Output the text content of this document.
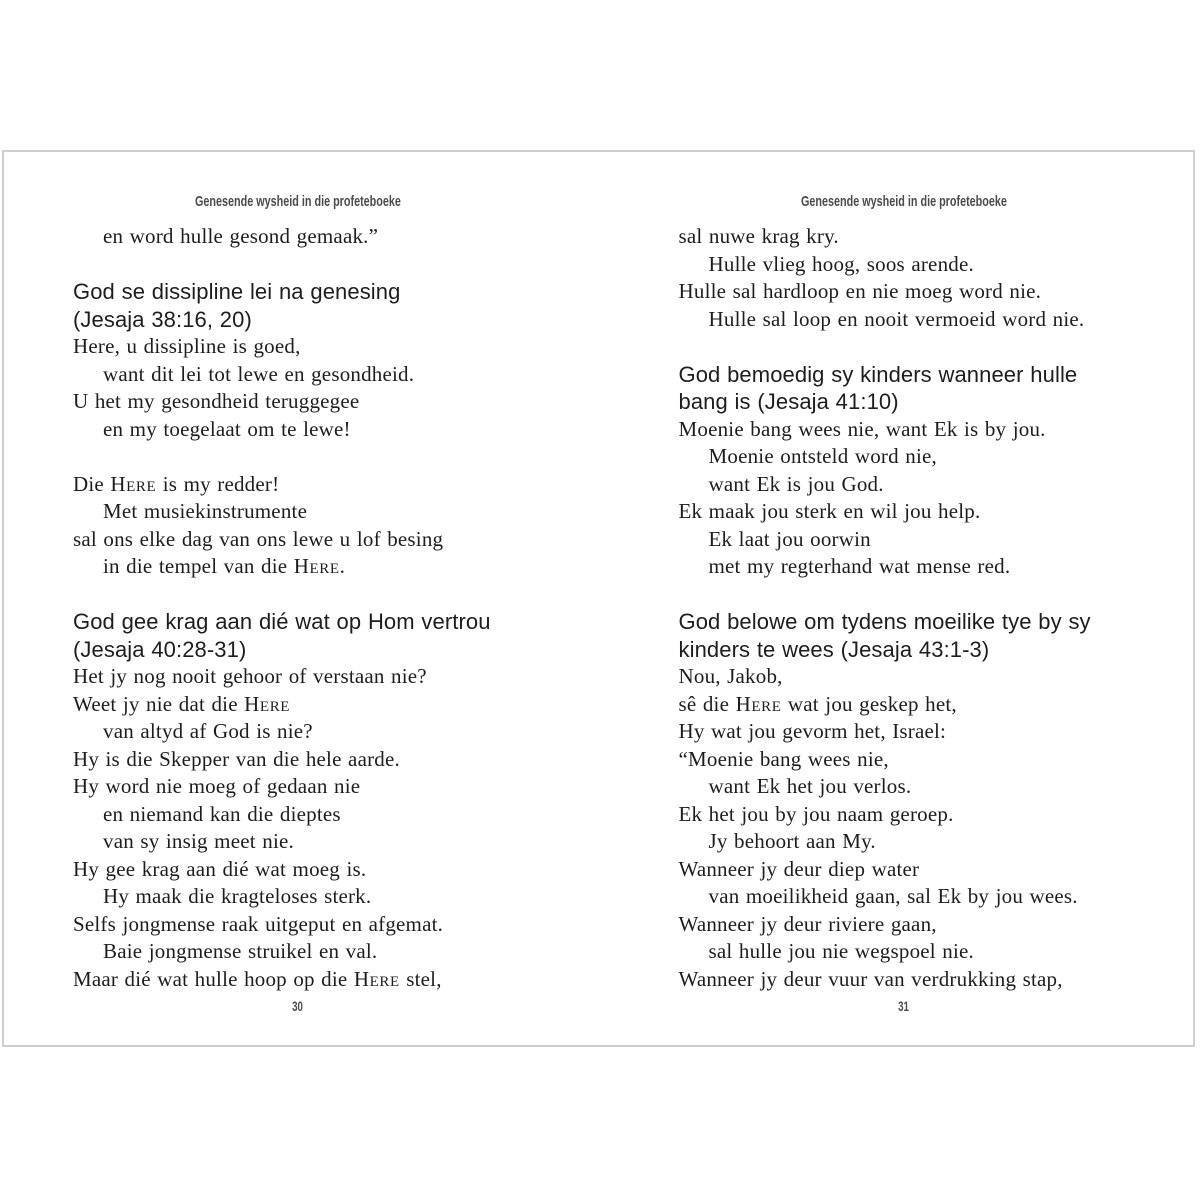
Genesende wysheid in die profeteboeke
en word hulle gesond gemaak.”
God se dissipline lei na genesing
(Jesaja 38:16, 20)
Here, u dissipline is goed,
want dit lei tot lewe en gesondheid.
U het my gesondheid teruggegee
en my toegelaat om te lewe!
Die Here is my redder!
Met musiekinstrumente
sal ons elke dag van ons lewe u lof besing
in die tempel van die Here.
God gee krag aan dié wat op Hom vertrou
(Jesaja 40:28-31)
Het jy nog nooit gehoor of verstaan nie?
Weet jy nie dat die Here
van altyd af God is nie?
Hy is die Skepper van die hele aarde.
Hy word nie moeg of gedaan nie
en niemand kan die dieptes
van sy insig meet nie.
Hy gee krag aan dié wat moeg is.
Hy maak die kragteloses sterk.
Selfs jongmense raak uitgeput en afgemat.
Baie jongmense struikel en val.
Maar dié wat hulle hoop op die Here stel,
30
Genesende wysheid in die profeteboeke
sal nuwe krag kry.
Hulle vlieg hoog, soos arende.
Hulle sal hardloop en nie moeg word nie.
Hulle sal loop en nooit vermoeid word nie.
God bemoedig sy kinders wanneer hulle
bang is (Jesaja 41:10)
Moenie bang wees nie, want Ek is by jou.
Moenie ontsteld word nie,
want Ek is jou God.
Ek maak jou sterk en wil jou help.
Ek laat jou oorwin
met my regterhand wat mense red.
God belowe om tydens moeilike tye by sy
kinders te wees (Jesaja 43:1-3)
Nou, Jakob,
sê die Here wat jou geskep het,
Hy wat jou gevorm het, Israel:
“Moenie bang wees nie,
want Ek het jou verlos.
Ek het jou by jou naam geroep.
Jy behoort aan My.
Wanneer jy deur diep water
van moeilikheid gaan, sal Ek by jou wees.
Wanneer jy deur riviere gaan,
sal hulle jou nie wegspoel nie.
Wanneer jy deur vuur van verdrukking stap,
31
